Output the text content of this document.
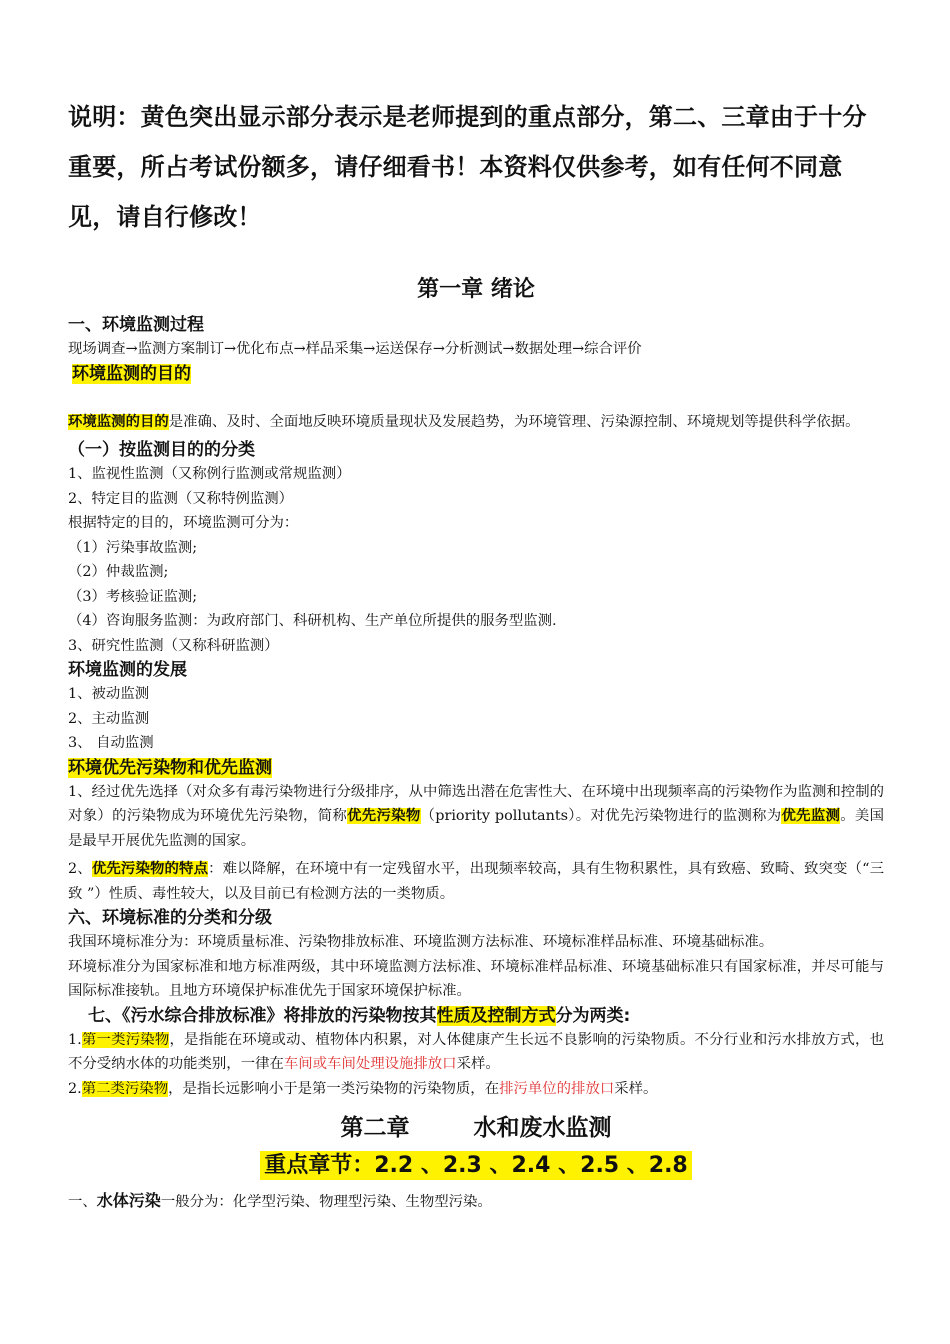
说明：黄色突出显示部分表示是老师提到的重点部分，第二、三章由于十分重要，所占考试份额多，请仔细看书！本资料仅供参考，如有任何不同意见，请自行修改！
第一章 绪论
一、环境监测过程
现场调查→监测方案制订→优化布点→样品采集→运送保存→分析测试→数据处理→综合评价
环境监测的目的
环境监测的目的是准确、及时、全面地反映环境质量现状及发展趋势，为环境管理、污染源控制、环境规划等提供科学依据。
（一）按监测目的的分类
1、监视性监测（又称例行监测或常规监测）
2、特定目的监测（又称特例监测）
根据特定的目的，环境监测可分为：
（1）污染事故监测;
（2）仲裁监测;
（3）考核验证监测;
（4）咨询服务监测：为政府部门、科研机构、生产单位所提供的服务型监测.
3、研究性监测（又称科研监测）
环境监测的发展
1、被动监测
2、主动监测
3、 自动监测
环境优先污染物和优先监测
1、经过优先选择（对众多有毒污染物进行分级排序，从中筛选出潜在危害性大、在环境中出现频率高的污染物作为监测和控制的对象）的污染物成为环境优先污染物，简称优先污染物（priority pollutants）。对优先污染物进行的监测称为优先监测。美国是最早开展优先监测的国家。
2、优先污染物的特点：难以降解，在环境中有一定残留水平，出现频率较高，具有生物积累性，具有致癌、致畸、致突变（“三致 ”）性质、毒性较大，以及目前已有检测方法的一类物质。
六、环境标准的分类和分级
我国环境标准分为：环境质量标准、污染物排放标准、环境监测方法标准、环境标准样品标准、环境基础标准。
环境标准分为国家标准和地方标准两级，其中环境监测方法标准、环境标准样品标准、环境基础标准只有国家标准，并尽可能与国际标准接轨。且地方环境保护标准优先于国家环境保护标准。
七、《污水综合排放标准》将排放的污染物按其性质及控制方式分为两类:
1.第一类污染物，是指能在环境或动、植物体内积累，对人体健康产生长远不良影响的污染物质。不分行业和污水排放方式，也不分受纳水体的功能类别，一律在车间或车间处理设施排放口采样。
2.第二类污染物，是指长远影响小于是第一类污染物的污染物质，在排污单位的排放口采样。
第二章        水和废水监测
重点章节：2.2 、2.3 、2.4 、2.5 、2.8
一、水体污染一般分为：化学型污染、物理型污染、生物型污染。
